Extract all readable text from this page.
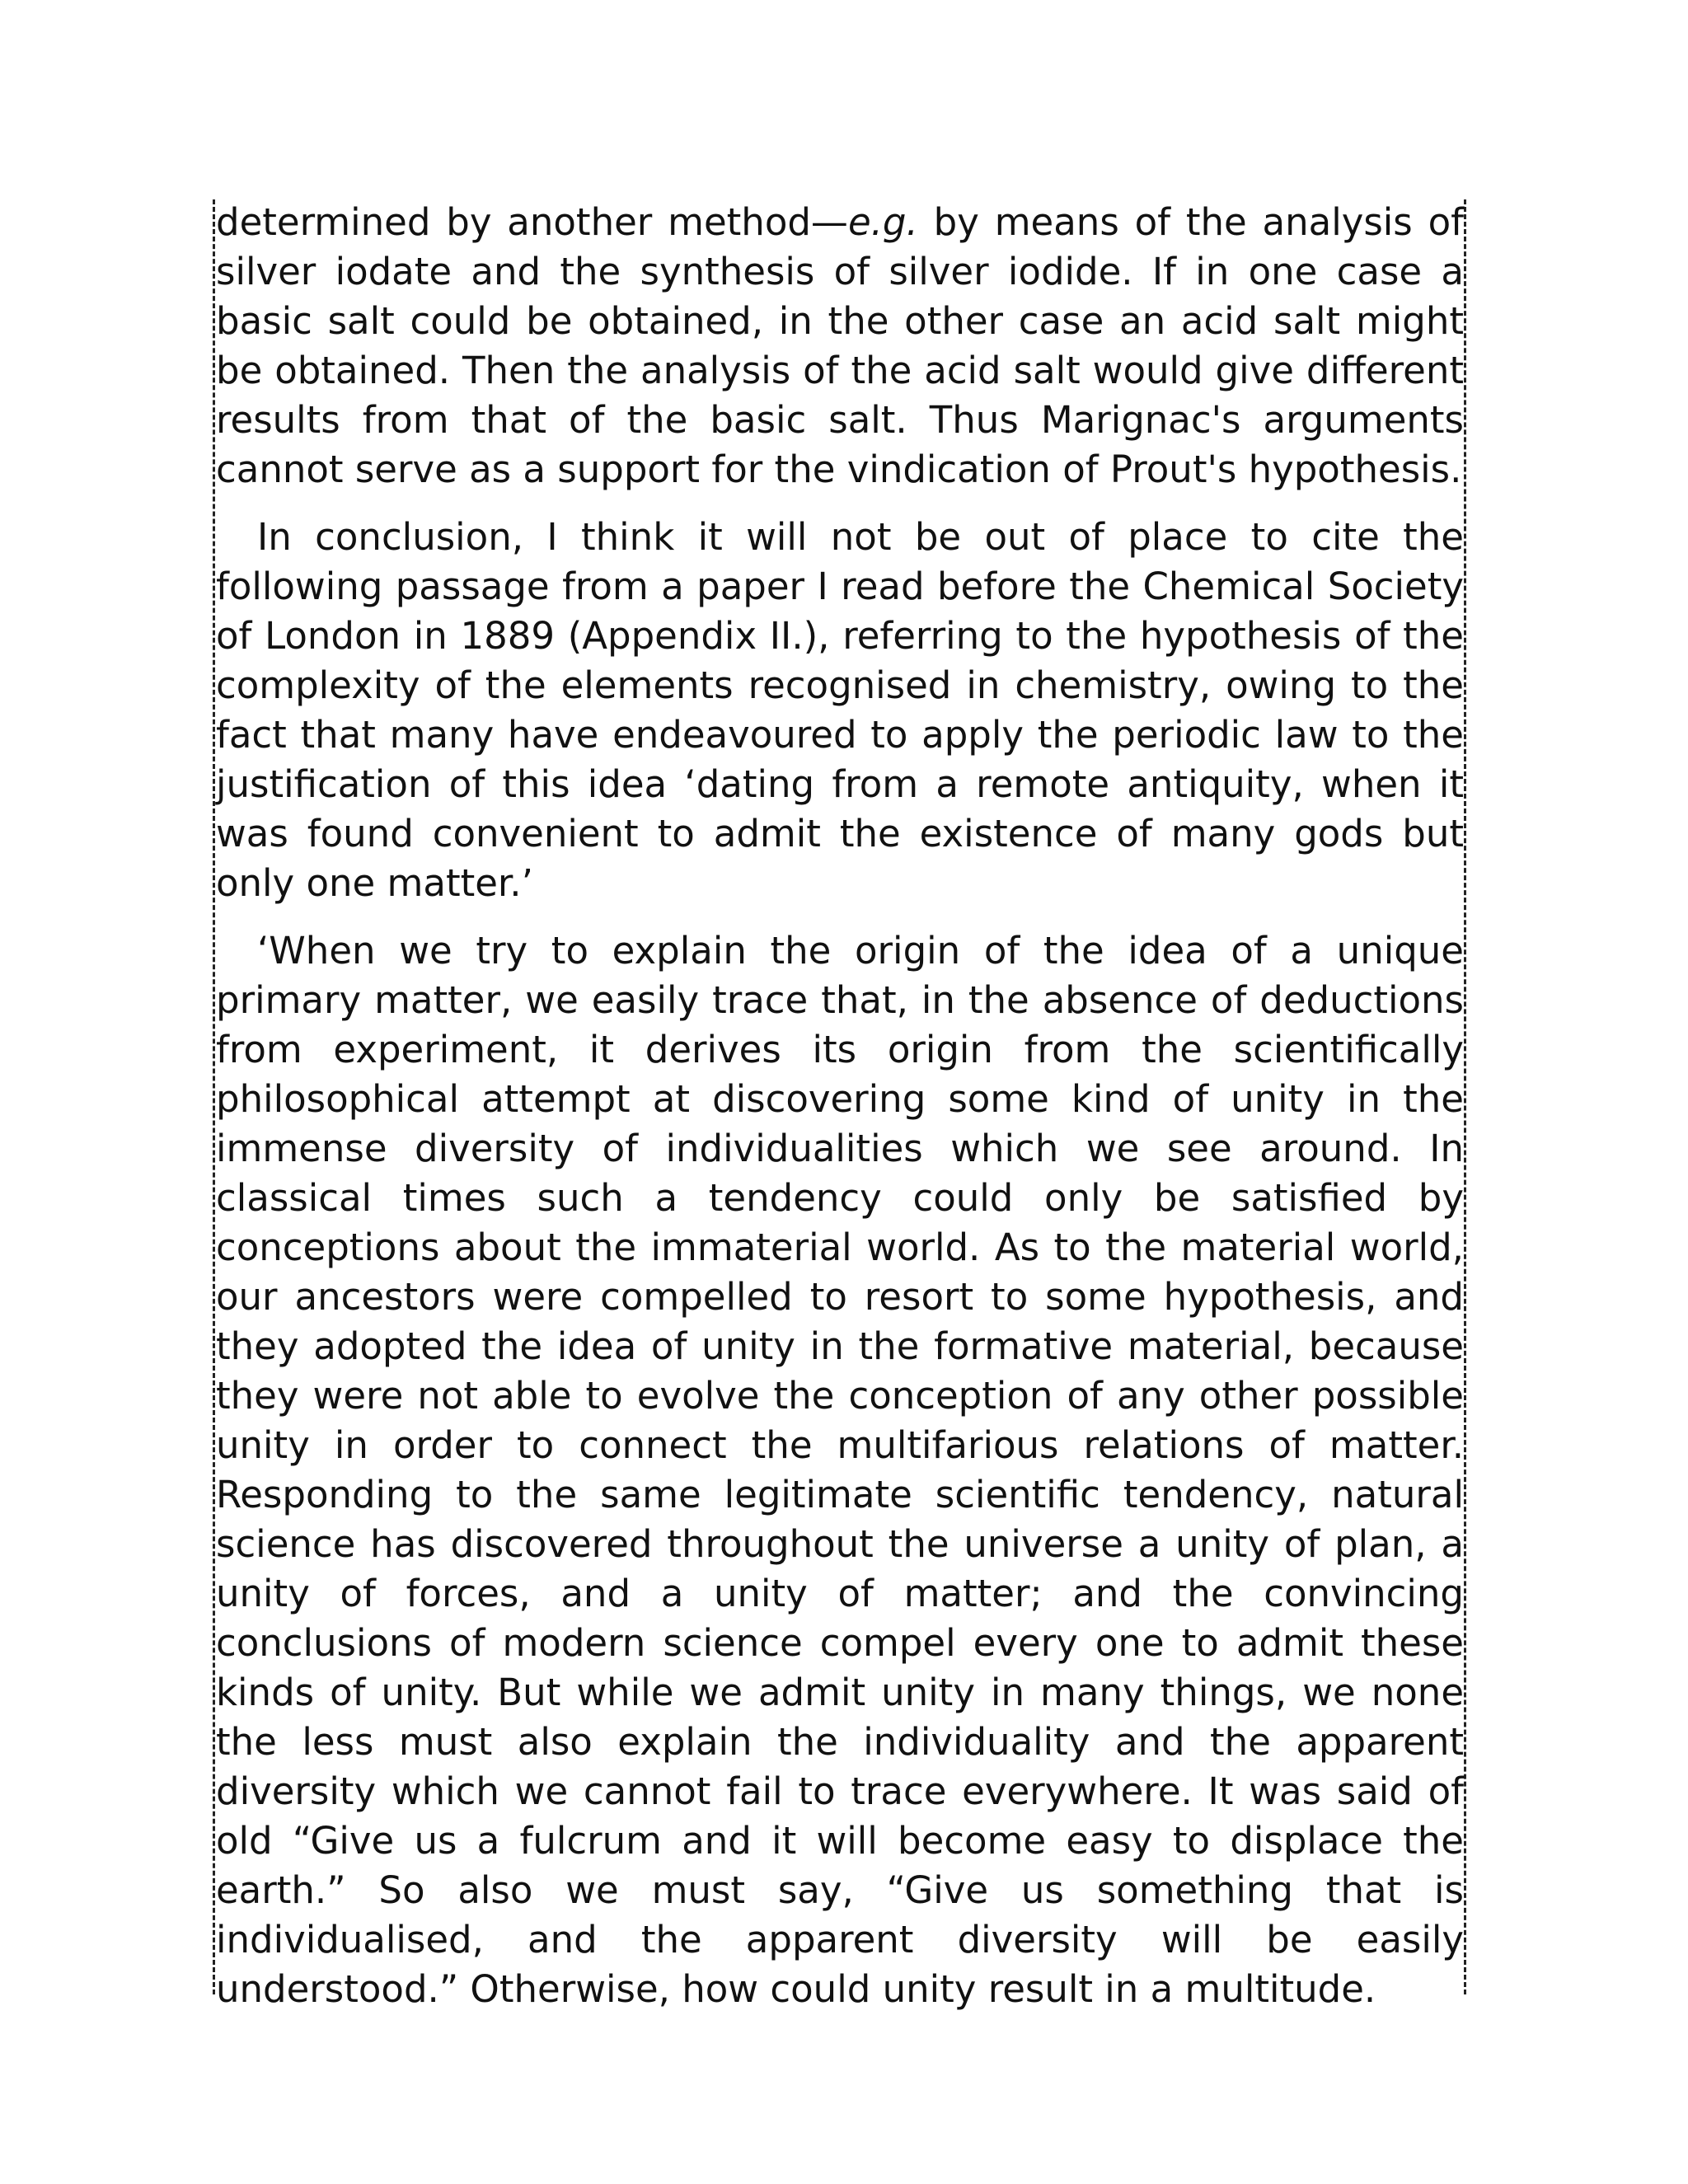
determined by another method—e.g. by means of the analysis of silver iodate and the synthesis of silver iodide. If in one case a basic salt could be obtained, in the other case an acid salt might be obtained. Then the analysis of the acid salt would give different results from that of the basic salt. Thus Marignac's arguments cannot serve as a support for the vindication of Prout's hypothesis.

In conclusion, I think it will not be out of place to cite the following passage from a paper I read before the Chemical Society of London in 1889 (Appendix II.), referring to the hypothesis of the complexity of the elements recognised in chemistry, owing to the fact that many have endeavoured to apply the periodic law to the justification of this idea ‘dating from a remote antiquity, when it was found convenient to admit the existence of many gods but only one matter.’

‘When we try to explain the origin of the idea of a unique primary matter, we easily trace that, in the absence of deductions from experiment, it derives its origin from the scientifically philosophical attempt at discovering some kind of unity in the immense diversity of individualities which we see around. In classical times such a tendency could only be satisfied by conceptions about the immaterial world. As to the material world, our ancestors were compelled to resort to some hypothesis, and they adopted the idea of unity in the formative material, because they were not able to evolve the conception of any other possible unity in order to connect the multifarious relations of matter. Responding to the same legitimate scientific tendency, natural science has discovered throughout the universe a unity of plan, a unity of forces, and a unity of matter; and the convincing conclusions of modern science compel every one to admit these kinds of unity. But while we admit unity in many things, we none the less must also explain the individuality and the apparent diversity which we cannot fail to trace everywhere. It was said of old “Give us a fulcrum and it will become easy to displace the earth.” So also we must say, “Give us something that is individualised, and the apparent diversity will be easily understood.” Otherwise, how could unity result in a multitude.
